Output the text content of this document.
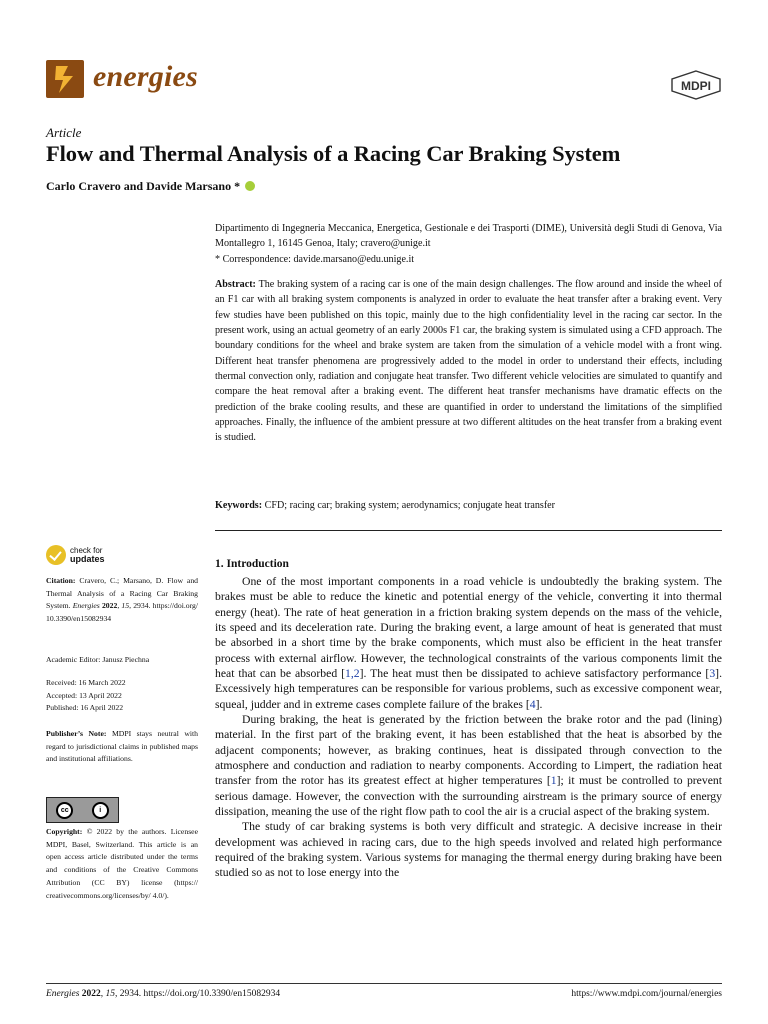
energies	MDPI
Article
Flow and Thermal Analysis of a Racing Car Braking System
Carlo Cravero and Davide Marsano *
Dipartimento di Ingegneria Meccanica, Energetica, Gestionale e dei Trasporti (DIME), Università degli Studi di Genova, Via Montallegro 1, 16145 Genoa, Italy; cravero@unige.it
* Correspondence: davide.marsano@edu.unige.it
Abstract: The braking system of a racing car is one of the main design challenges. The flow around and inside the wheel of an F1 car with all braking system components is analyzed in order to evaluate the heat transfer after a braking event. Very few studies have been published on this topic, mainly due to the high confidentiality level in the racing car sector. In the present work, using an actual geometry of an early 2000s F1 car, the braking system is simulated using a CFD approach. The boundary conditions for the wheel and brake system are taken from the simulation of a vehicle model with a front wing. Different heat transfer phenomena are progressively added to the model in order to understand their effects, including thermal convection only, radiation and conjugate heat transfer. Two different vehicle velocities are simulated to quantify and compare the heat removal after a braking event. The different heat transfer mechanisms have dramatic effects on the prediction of the brake cooling results, and these are quantified in order to understand the limitations of the simplified approaches. Finally, the influence of the ambient pressure at two different altitudes on the heat transfer from a braking event is studied.
Keywords: CFD; racing car; braking system; aerodynamics; conjugate heat transfer
check for
updates
Citation: Cravero, C.; Marsano, D. Flow and Thermal Analysis of a Racing Car Braking System. Energies 2022, 15, 2934. https://doi.org/ 10.3390/en15082934
Academic Editor: Janusz Piechna
Received: 16 March 2022
Accepted: 13 April 2022
Published: 16 April 2022
Publisher’s Note: MDPI stays neutral with regard to jurisdictional claims in published maps and institutional affiliations.
cc	i
Copyright: © 2022 by the authors. Licensee MDPI, Basel, Switzerland. This article is an open access article distributed under the terms and conditions of the Creative Commons Attribution (CC BY) license (https:// creativecommons.org/licenses/by/ 4.0/).
1. Introduction

One of the most important components in a road vehicle is undoubtedly the braking system. The brakes must be able to reduce the kinetic and potential energy of the vehicle, converting it into thermal energy (heat). The rate of heat generation in a friction braking system depends on the mass of the vehicle, its speed and its deceleration rate. During the braking event, a large amount of heat is generated that must be absorbed in a short time by the brake components, which must also be efficient in the heat transfer process with external airflow. However, the technological constraints of the various components limit the heat that can be absorbed [1,2]. The heat must then be dissipated to achieve satisfactory performance [3]. Excessively high temperatures can be responsible for various problems, such as excessive component wear, squeal, judder and in extreme cases complete failure of the brakes [4].

During braking, the heat is generated by the friction between the brake rotor and the pad (lining) material. In the first part of the braking event, it has been established that the heat is absorbed by the adjacent components; however, as braking continues, heat is dissipated through convection to the atmosphere and conduction and radiation to nearby components. According to Limpert, the radiation heat transfer from the rotor has its greatest effect at higher temperatures [1]; it must be controlled to prevent serious damage. However, the convection with the surrounding airstream is the primary source of energy dissipation, meaning the use of the right flow path to cool the air is a crucial aspect of the braking system.

The study of car braking systems is both very difficult and strategic. A decisive increase in their development was achieved in racing cars, due to the high speeds involved and related high performance required of the braking system. Various systems for managing the thermal energy during braking have been studied so as not to lose energy into the

Energies 2022, 15, 2934. https://doi.org/10.3390/en15082934	https://www.mdpi.com/journal/energies
